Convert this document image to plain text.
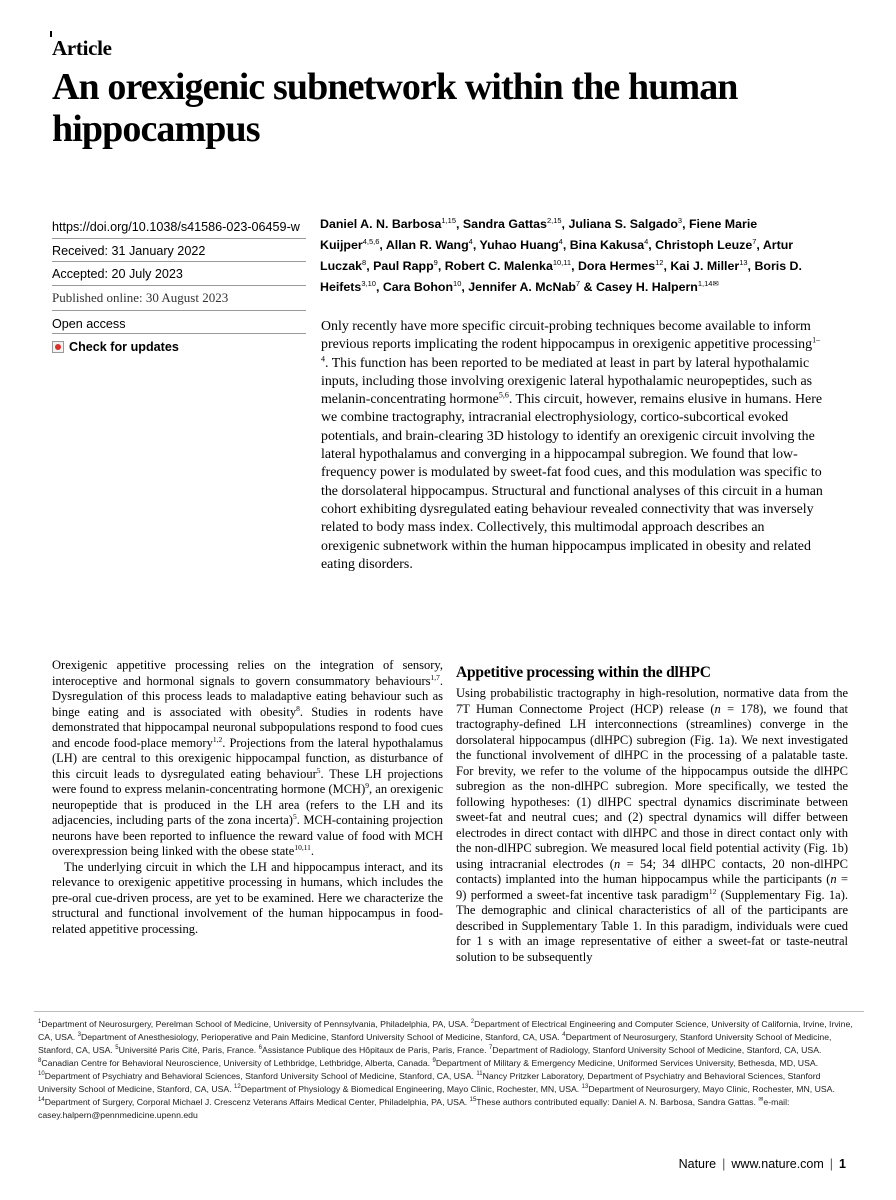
Article
An orexigenic subnetwork within the human hippocampus
https://doi.org/10.1038/s41586-023-06459-w
Received: 31 January 2022
Accepted: 20 July 2023
Published online: 30 August 2023
Open access
Check for updates
Daniel A. N. Barbosa$^{1,15}$, Sandra Gattas$^{2,15}$, Juliana S. Salgado$^3$, Fiene Marie Kuijper$^{4,5,6}$, Allan R. Wang$^4$, Yuhao Huang$^4$, Bina Kakusa$^4$, Christoph Leuze$^7$, Artur Luczak$^8$, Paul Rapp$^9$, Robert C. Malenka$^{10,11}$, Dora Hermes$^{12}$, Kai J. Miller$^{13}$, Boris D. Heifets$^{3,10}$, Cara Bohon$^{10}$, Jennifer A. McNab$^7$ & Casey H. Halpern$^{1,14✉}$
Only recently have more specific circuit-probing techniques become available to inform previous reports implicating the rodent hippocampus in orexigenic appetitive processing$^{1-4}$. This function has been reported to be mediated at least in part by lateral hypothalamic inputs, including those involving orexigenic lateral hypothalamic neuropeptides, such as melanin-concentrating hormone$^{5,6}$. This circuit, however, remains elusive in humans. Here we combine tractography, intracranial electrophysiology, cortico-subcortical evoked potentials, and brain-clearing 3D histology to identify an orexigenic circuit involving the lateral hypothalamus and converging in a hippocampal subregion. We found that low-frequency power is modulated by sweet-fat food cues, and this modulation was specific to the dorsolateral hippocampus. Structural and functional analyses of this circuit in a human cohort exhibiting dysregulated eating behaviour revealed connectivity that was inversely related to body mass index. Collectively, this multimodal approach describes an orexigenic subnetwork within the human hippocampus implicated in obesity and related eating disorders.

Orexigenic appetitive processing relies on the integration of sensory, interoceptive and hormonal signals to govern consummatory behaviours$^{1,7}$. Dysregulation of this process leads to maladaptive eating behaviour such as binge eating and is associated with obesity$^8$. Studies in rodents have demonstrated that hippocampal neuronal subpopulations respond to food cues and encode food-place memory$^{1,2}$. Projections from the lateral hypothalamus (LH) are central to this orexigenic hippocampal function, as disturbance of this circuit leads to dysregulated eating behaviour$^5$. These LH projections were found to express melanin-concentrating hormone (MCH)$^9$, an orexigenic neuropeptide that is produced in the LH area (refers to the LH and its adjacencies, including parts of the zona incerta)$^5$. MCH-containing projection neurons have been reported to influence the reward value of food with MCH overexpression being linked with the obese state$^{10,11}$.

The underlying circuit in which the LH and hippocampus interact, and its relevance to orexigenic appetitive processing in humans, which includes the pre-oral cue-driven process, are yet to be examined. Here we characterize the structural and functional involvement of the human hippocampus in food-related appetitive processing.

Appetitive processing within the dlHPC

Using probabilistic tractography in high-resolution, normative data from the 7T Human Connectome Project (HCP) release (n = 178), we found that tractography-defined LH interconnections (streamlines) converge in the dorsolateral hippocampus (dlHPC) subregion (Fig. 1a). We next investigated the functional involvement of dlHPC in the processing of a palatable taste. For brevity, we refer to the volume of the hippocampus outside the dlHPC subregion as the non-dlHPC subregion. More specifically, we tested the following hypotheses: (1) dlHPC spectral dynamics discriminate between sweet-fat and neutral cues; and (2) spectral dynamics will differ between electrodes in direct contact with dlHPC and those in direct contact only with the non-dlHPC subregion. We measured local field potential activity (Fig. 1b) using intracranial electrodes (n = 54; 34 dlHPC contacts, 20 non-dlHPC contacts) implanted into the human hippocampus while the participants (n = 9) performed a sweet-fat incentive task paradigm$^{12}$ (Supplementary Fig. 1a). The demographic and clinical characteristics of all of the participants are described in Supplementary Table 1. In this paradigm, individuals were cued for 1 s with an image representative of either a sweet-fat or taste-neutral solution to be subsequently

$^1$Department of Neurosurgery, Perelman School of Medicine, University of Pennsylvania, Philadelphia, PA, USA. $^2$Department of Electrical Engineering and Computer Science, University of California, Irvine, Irvine, CA, USA. $^3$Department of Anesthesiology, Perioperative and Pain Medicine, Stanford University School of Medicine, Stanford, CA, USA. $^4$Department of Neurosurgery, Stanford University School of Medicine, Stanford, CA, USA. $^5$Université Paris Cité, Paris, France. $^6$Assistance Publique des Hôpitaux de Paris, Paris, France. $^7$Department of Radiology, Stanford University School of Medicine, Stanford, CA, USA. $^8$Canadian Centre for Behavioral Neuroscience, University of Lethbridge, Lethbridge, Alberta, Canada. $^9$Department of Military & Emergency Medicine, Uniformed Services University, Bethesda, MD, USA. $^{10}$Department of Psychiatry and Behavioral Sciences, Stanford University School of Medicine, Stanford, CA, USA. $^{11}$Nancy Pritzker Laboratory, Department of Psychiatry and Behavioral Sciences, Stanford University School of Medicine, Stanford, CA, USA. $^{12}$Department of Physiology & Biomedical Engineering, Mayo Clinic, Rochester, MN, USA. $^{13}$Department of Neurosurgery, Mayo Clinic, Rochester, MN, USA. $^{14}$Department of Surgery, Corporal Michael J. Crescenz Veterans Affairs Medical Center, Philadelphia, PA, USA. $^{15}$These authors contributed equally: Daniel A. N. Barbosa, Sandra Gattas. ✉e-mail: casey.halpern@pennmedicine.upenn.edu
Nature | www.nature.com | 1
